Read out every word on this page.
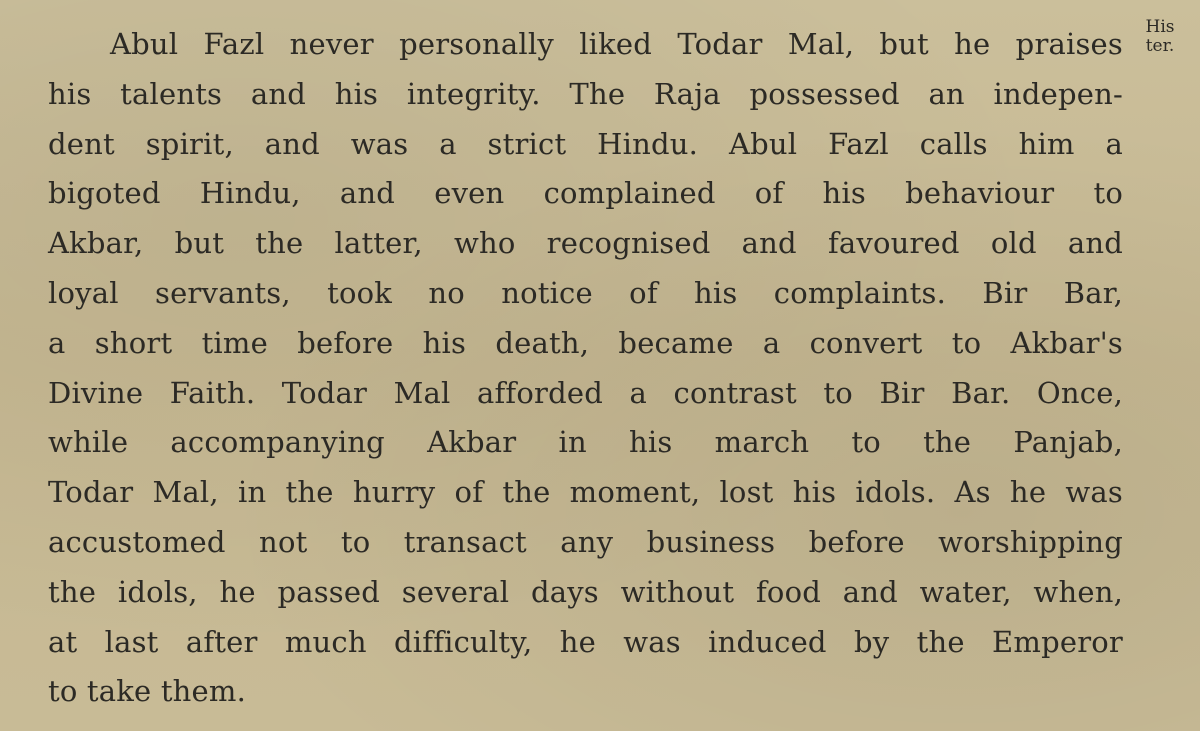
His
ter.
Abul Fazl never personally liked Todar Mal, but he praises
his talents and his integrity. The Raja possessed an indepen-
dent spirit, and was a strict Hindu. Abul Fazl calls him a
bigoted Hindu, and even complained of his behaviour to
Akbar, but the latter, who recognised and favoured old and
loyal servants, took no notice of his complaints. Bir Bar,
a short time before his death, became a convert to Akbar's
Divine Faith. Todar Mal afforded a contrast to Bir Bar. Once,
while accompanying Akbar in his march to the Panjab,
Todar Mal, in the hurry of the moment, lost his idols. As he was
accustomed not to transact any business before worshipping
the idols, he passed several days without food and water, when,
at last after much difficulty, he was induced by the Emperor
to take them.
